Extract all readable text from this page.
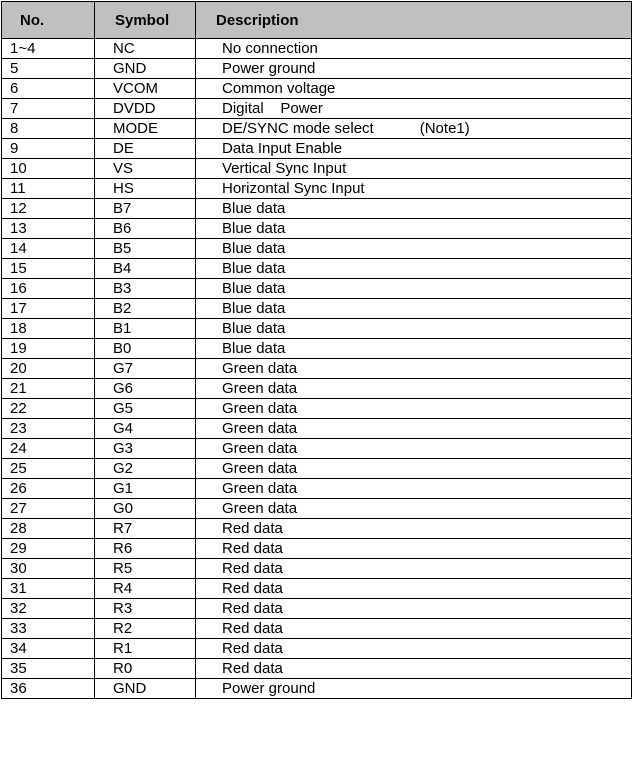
No.	Symbol	Description
1~4	NC	No connection
5	GND	Power ground
6	VCOM	Common voltage
7	DVDD	Digital    Power
8	MODE	DE/SYNC mode select (Note1)
9	DE	Data Input Enable
10	VS	Vertical Sync Input
11	HS	Horizontal Sync Input
12	B7	Blue data
13	B6	Blue data
14	B5	Blue data
15	B4	Blue data
16	B3	Blue data
17	B2	Blue data
18	B1	Blue data
19	B0	Blue data
20	G7	Green data
21	G6	Green data
22	G5	Green data
23	G4	Green data
24	G3	Green data
25	G2	Green data
26	G1	Green data
27	G0	Green data
28	R7	Red data
29	R6	Red data
30	R5	Red data
31	R4	Red data
32	R3	Red data
33	R2	Red data
34	R1	Red data
35	R0	Red data
36	GND	Power ground
